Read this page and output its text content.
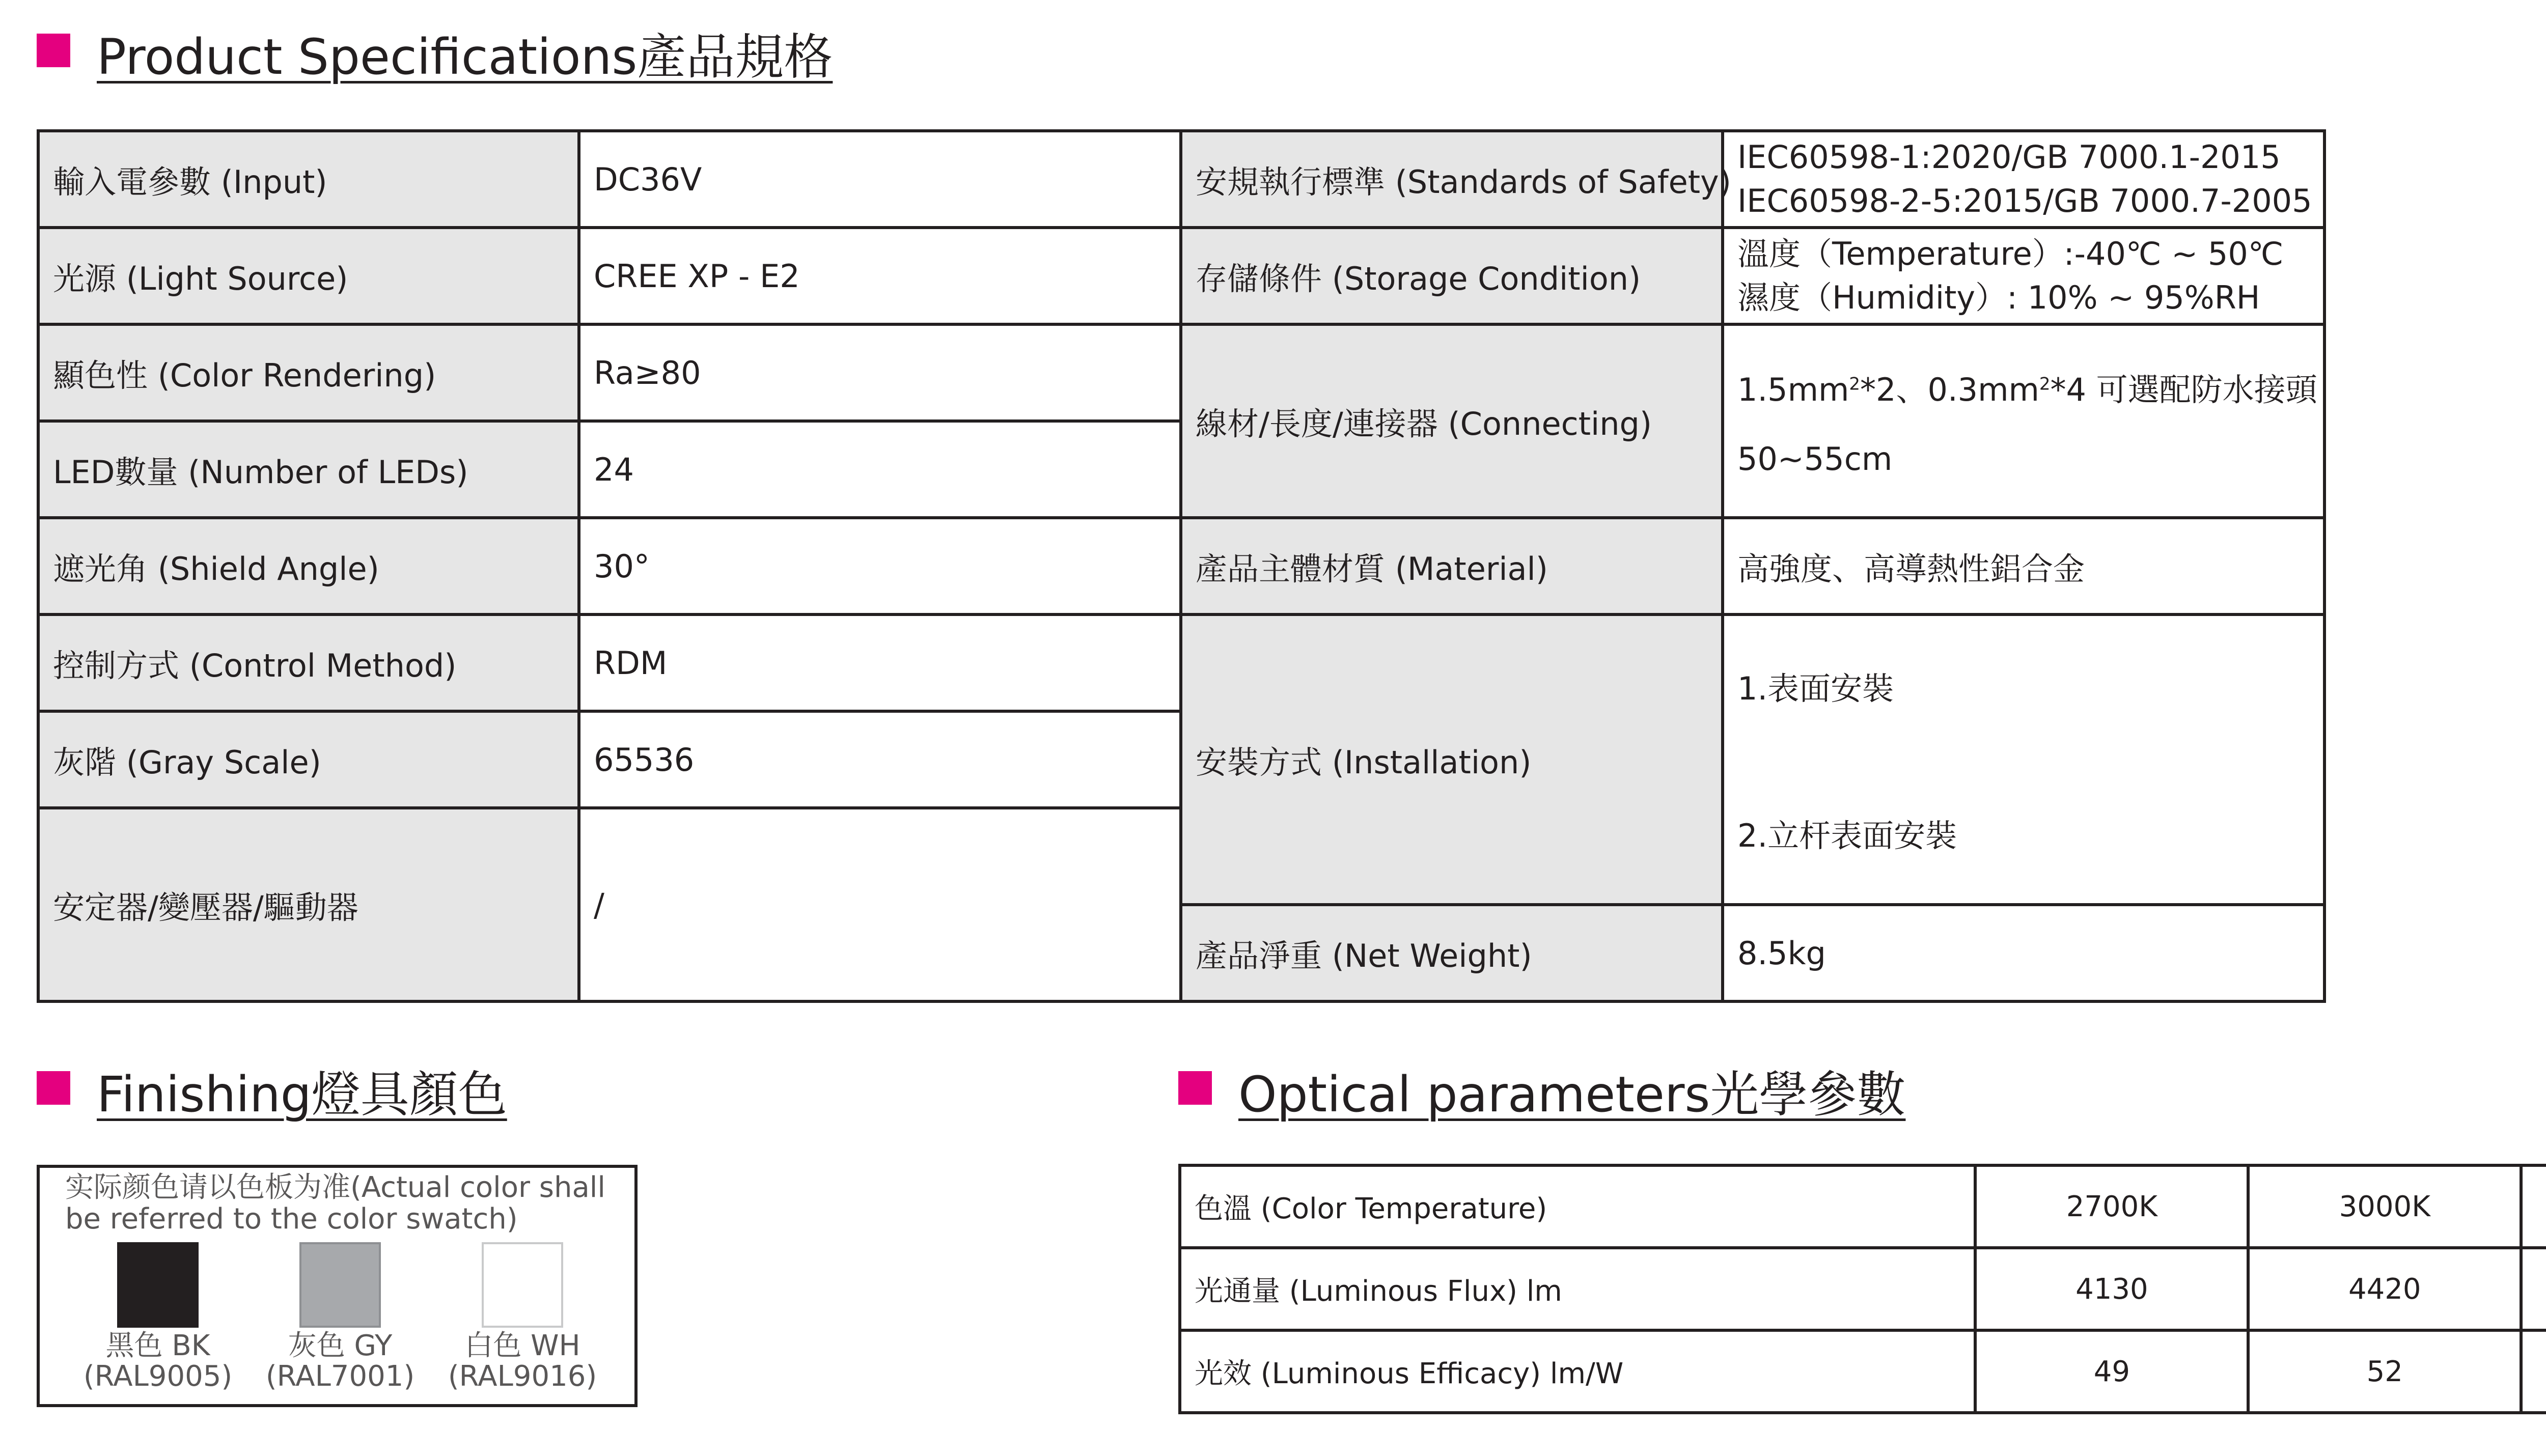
Product Specifications產品規格
輸入電參數 (Input)	DC36V	安規執行標準 (Standards of Safety)	IEC60598-1:2020/GB 7000.1-2015
IEC60598-2-5:2015/GB 7000.7-2005
光源 (Light Source)	CREE XP - E2	存儲條件 (Storage Condition)	溫度（Temperature）:-40℃ ~ 50℃
濕度（Humidity）: 10% ~ 95%RH
顯色性 (Color Rendering)	Ra≥80	線材/長度/連接器 (Connecting)	$1.5mm^2*2$、$0.3mm^2*4$ 可選配防水接頭
50~55cm
LED數量 (Number of LEDs)	24		
遮光角 (Shield Angle)	30°	產品主體材質 (Material)	高強度、高導熱性鋁合金
控制方式 (Control Method)	RDM	安裝方式 (Installation)	1.表面安裝
2.立杆表面安裝
灰階 (Gray Scale)	65536		
安定器/變壓器/驅動器	/		
		產品淨重 (Net Weight)	8.5kg
Finishing燈具顏色
实际颜色请以色板为准(Actual color shall be referred to the color swatch)
黑色 BK
(RAL9005)
灰色 GY
(RAL7001)
白色 WH
(RAL9016)
Optical parameters光學參數
色溫 (Color Temperature)	2700K	3000K			
光通量 (Luminous Flux) lm	4130	4420			
光效 (Luminous Efficacy) lm/W	49	52			
